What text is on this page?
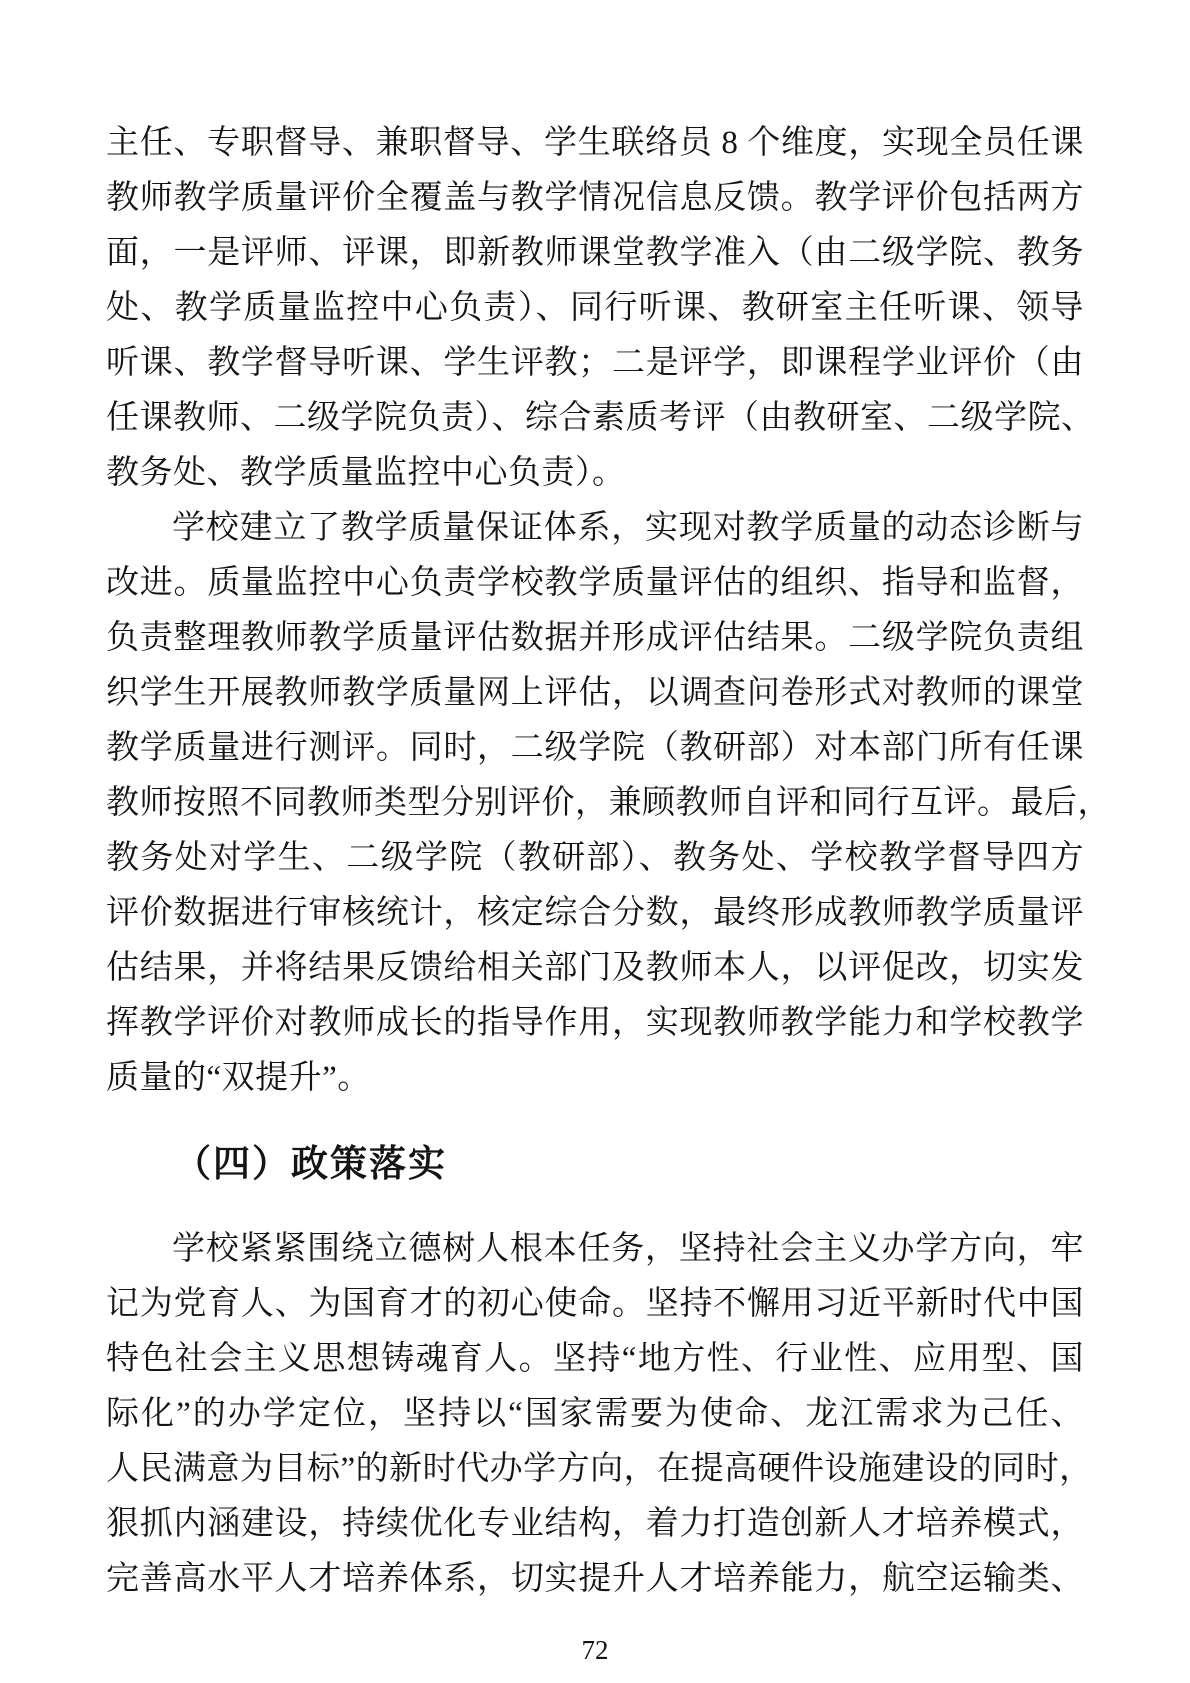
主任、专职督导、兼职督导、学生联络员 8 个维度，实现全员任课
教师教学质量评价全覆盖与教学情况信息反馈。教学评价包括两方
面，一是评师、评课，即新教师课堂教学准入（由二级学院、教务
处、教学质量监控中心负责）、同行听课、教研室主任听课、领导
听课、教学督导听课、学生评教；二是评学，即课程学业评价（由
任课教师、二级学院负责）、综合素质考评（由教研室、二级学院、
教务处、教学质量监控中心负责）。
学校建立了教学质量保证体系，实现对教学质量的动态诊断与
改进。质量监控中心负责学校教学质量评估的组织、指导和监督，
负责整理教师教学质量评估数据并形成评估结果。二级学院负责组
织学生开展教师教学质量网上评估，以调查问卷形式对教师的课堂
教学质量进行测评。同时，二级学院（教研部）对本部门所有任课
教师按照不同教师类型分别评价，兼顾教师自评和同行互评。最后，
教务处对学生、二级学院（教研部）、教务处、学校教学督导四方
评价数据进行审核统计，核定综合分数，最终形成教师教学质量评
估结果，并将结果反馈给相关部门及教师本人，以评促改，切实发
挥教学评价对教师成长的指导作用，实现教师教学能力和学校教学
质量的“双提升”。
（四）政策落实
学校紧紧围绕立德树人根本任务，坚持社会主义办学方向，牢
记为党育人、为国育才的初心使命。坚持不懈用习近平新时代中国
特色社会主义思想铸魂育人。坚持“地方性、行业性、应用型、国
际化”的办学定位，坚持以“国家需要为使命、龙江需求为己任、
人民满意为目标”的新时代办学方向，在提高硬件设施建设的同时，
狠抓内涵建设，持续优化专业结构，着力打造创新人才培养模式，
完善高水平人才培养体系，切实提升人才培养能力，航空运输类、
72
